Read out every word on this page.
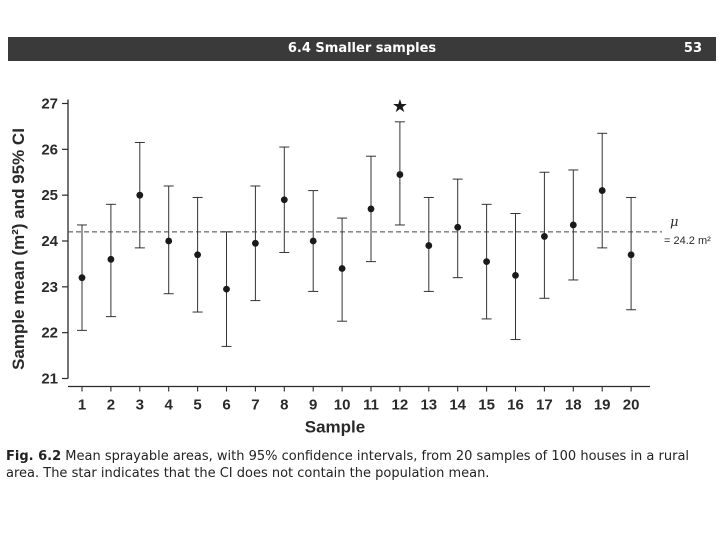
6.4 Smaller samples	53
μ
= 24.2 m²
★
21
22
23
24
25
26
27
1 2 3 4 5 6 7 8 9 10 11 12 13 14 15 16 17 18 19 20
Sample
Sample mean (m²) and 95% CI
Fig. 6.2 Mean sprayable areas, with 95% confidence intervals, from 20 samples of 100 houses in a rural area. The star indicates that the CI does not contain the population mean.
